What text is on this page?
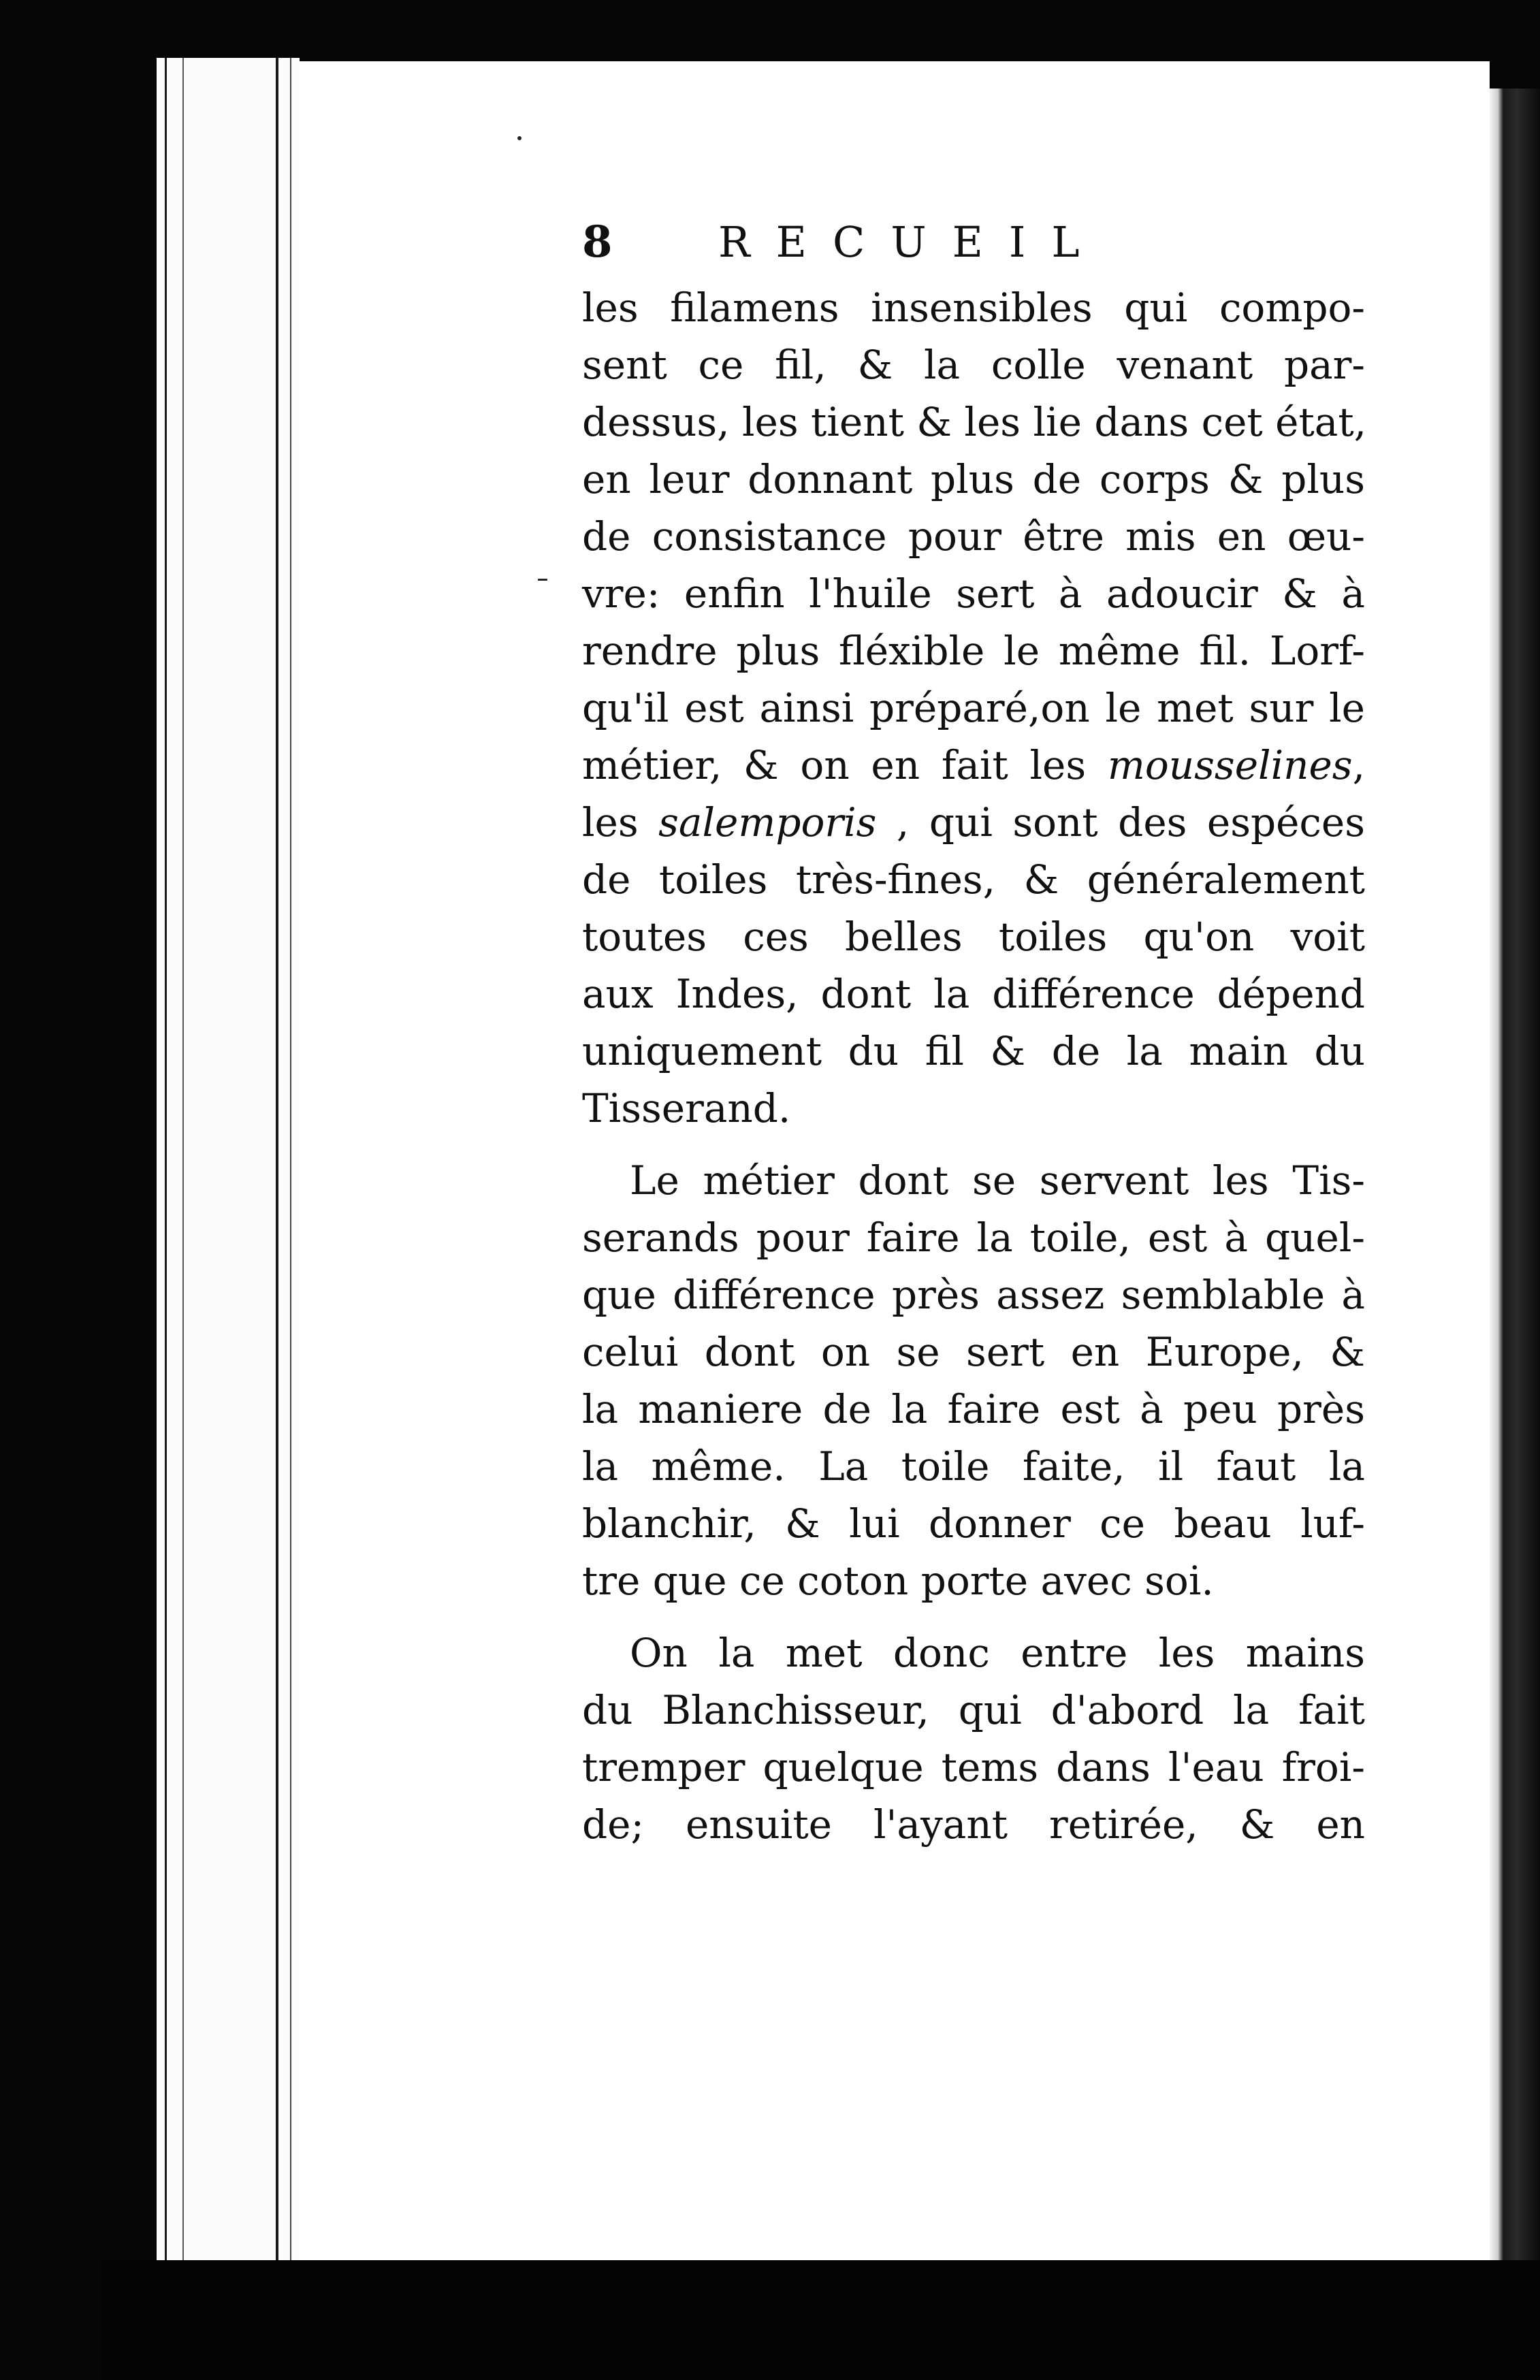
8	RECUEIL
les filamens insensibles qui compo-
sent ce fil, & la colle venant par-
dessus, les tient & les lie dans cet état,
en leur donnant plus de corps & plus
de consistance pour être mis en œu-
vre: enfin l'huile sert à adoucir & à
rendre plus fléxible le même fil. Lorf-
qu'il est ainsi préparé,on le met sur le
métier, & on en fait les mousselines,
les salemporis , qui sont des espéces
de toiles très-fines, & généralement
toutes ces belles toiles qu'on voit
aux Indes, dont la différence dépend
uniquement du fil & de la main du
Tisserand.
Le métier dont se servent les Tis-
serands pour faire la toile, est à quel-
que différence près assez semblable à
celui dont on se sert en Europe, &
la maniere de la faire est à peu près
la même. La toile faite, il faut la
blanchir, & lui donner ce beau luf-
tre que ce coton porte avec soi.
On la met donc entre les mains
du Blanchisseur, qui d'abord la fait
tremper quelque tems dans l'eau froi-
de; ensuite l'ayant retirée, & en
